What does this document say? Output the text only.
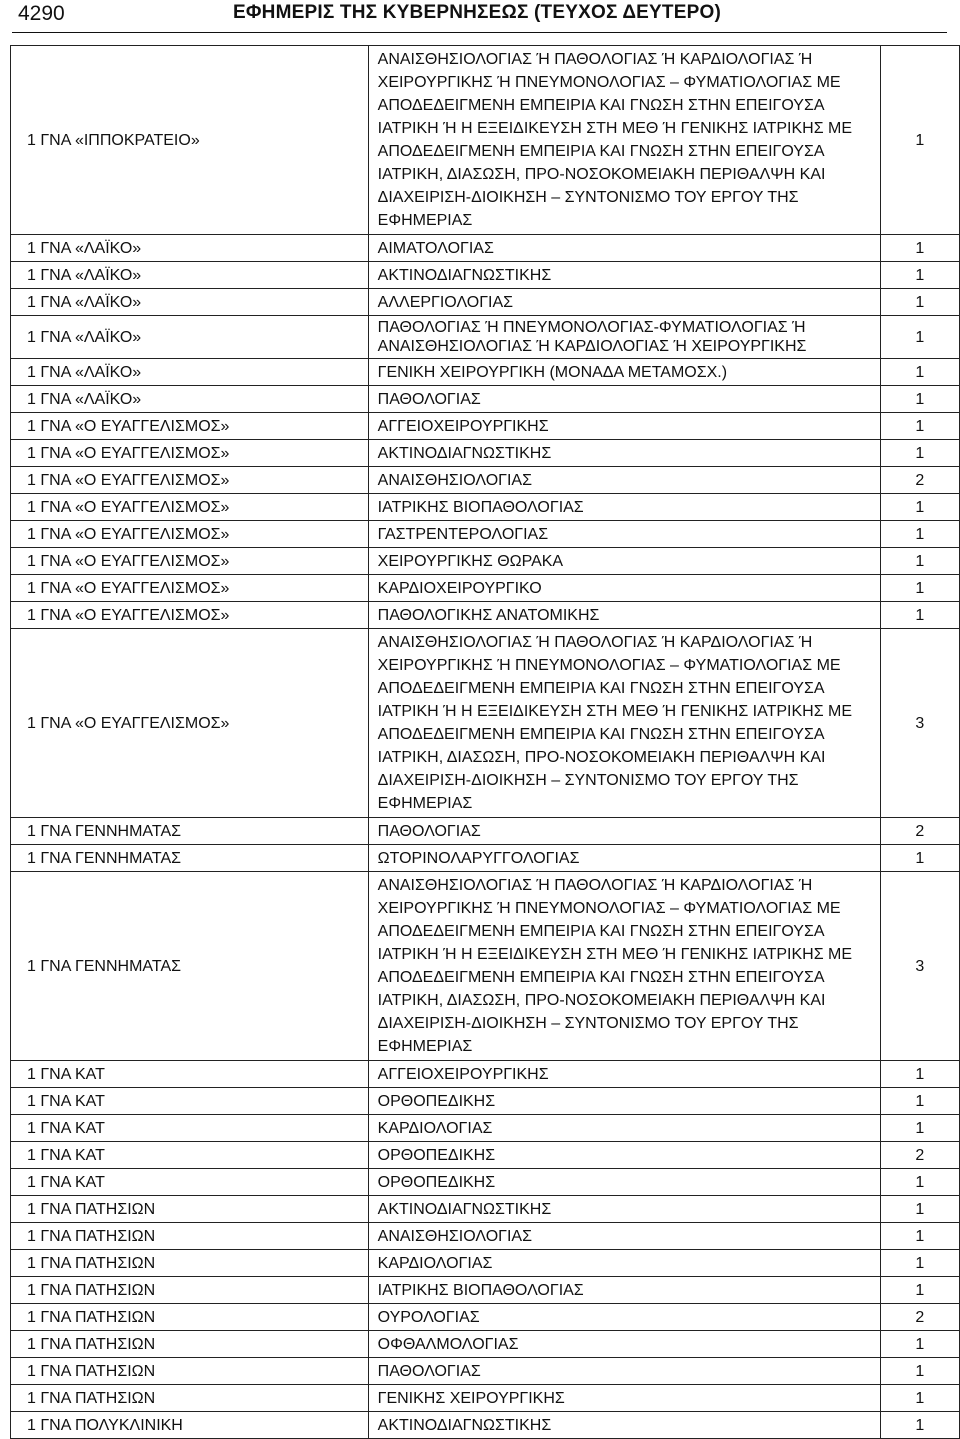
4290	ΕΦΗΜΕΡΙΣ ΤΗΣ ΚΥΒΕΡΝΗΣΕΩΣ (ΤΕΥΧΟΣ ΔΕΥΤΕΡΟ)
1 ΓΝΑ «ΙΠΠΟΚΡΑΤΕΙΟ»	ΑΝΑΙΣΘΗΣΙΟΛΟΓΙΑΣ Ή ΠΑΘΟΛΟΓΙΑΣ Ή ΚΑΡΔΙΟΛΟΓΙΑΣ Ή ΧΕΙΡΟΥΡΓΙΚΗΣ Ή ΠΝΕΥΜΟΝΟΛΟΓΙΑΣ – ΦΥΜΑΤΙΟΛΟΓΙΑΣ ΜΕ ΑΠΟΔΕΔΕΙΓΜΕΝΗ ΕΜΠΕΙΡΙΑ ΚΑΙ ΓΝΩΣΗ ΣΤΗΝ ΕΠΕΙΓΟΥΣΑ ΙΑΤΡΙΚΗ Ή Η ΕΞΕΙΔΙΚΕΥΣΗ ΣΤΗ ΜΕΘ Ή ΓΕΝΙΚΗΣ ΙΑΤΡΙΚΗΣ ΜΕ ΑΠΟΔΕΔΕΙΓΜΕΝΗ ΕΜΠΕΙΡΙΑ ΚΑΙ ΓΝΩΣΗ ΣΤΗΝ ΕΠΕΙΓΟΥΣΑ ΙΑΤΡΙΚΗ, ΔΙΑΣΩΣΗ, ΠΡΟ-ΝΟΣΟΚΟΜΕΙΑΚΗ ΠΕΡΙΘΑΛΨΗ ΚΑΙ ΔΙΑΧΕΙΡΙΣΗ-ΔΙΟΙΚΗΣΗ – ΣΥΝΤΟΝΙΣΜΟ ΤΟΥ ΕΡΓΟΥ ΤΗΣ ΕΦΗΜΕΡΙΑΣ	1
1 ΓΝΑ «ΛΑΪΚΟ»	ΑΙΜΑΤΟΛΟΓΙΑΣ	1
1 ΓΝΑ «ΛΑΪΚΟ»	ΑΚΤΙΝΟΔΙΑΓΝΩΣΤΙΚΗΣ	1
1 ΓΝΑ «ΛΑΪΚΟ»	ΑΛΛΕΡΓΙΟΛΟΓΙΑΣ	1
1 ΓΝΑ «ΛΑΪΚΟ»	ΠΑΘΟΛΟΓΙΑΣ Ή ΠΝΕΥΜΟΝΟΛΟΓΙΑΣ-ΦΥΜΑΤΙΟΛΟΓΙΑΣ Ή ΑΝΑΙΣΘΗΣΙΟΛΟΓΙΑΣ Ή ΚΑΡΔΙΟΛΟΓΙΑΣ Ή ΧΕΙΡΟΥΡΓΙΚΗΣ	1
1 ΓΝΑ «ΛΑΪΚΟ»	ΓΕΝΙΚΗ ΧΕΙΡΟΥΡΓΙΚΗ (ΜΟΝΑΔΑ ΜΕΤΑΜΟΣΧ.)	1
1 ΓΝΑ «ΛΑΪΚΟ»	ΠΑΘΟΛΟΓΙΑΣ	1
1 ΓΝΑ «Ο ΕΥΑΓΓΕΛΙΣΜΟΣ»	ΑΓΓΕΙΟΧΕΙΡΟΥΡΓΙΚΗΣ	1
1 ΓΝΑ «Ο ΕΥΑΓΓΕΛΙΣΜΟΣ»	ΑΚΤΙΝΟΔΙΑΓΝΩΣΤΙΚΗΣ	1
1 ΓΝΑ «Ο ΕΥΑΓΓΕΛΙΣΜΟΣ»	ΑΝΑΙΣΘΗΣΙΟΛΟΓΙΑΣ	2
1 ΓΝΑ «Ο ΕΥΑΓΓΕΛΙΣΜΟΣ»	ΙΑΤΡΙΚΗΣ ΒΙΟΠΑΘΟΛΟΓΙΑΣ	1
1 ΓΝΑ «Ο ΕΥΑΓΓΕΛΙΣΜΟΣ»	ΓΑΣΤΡΕΝΤΕΡΟΛΟΓΙΑΣ	1
1 ΓΝΑ «Ο ΕΥΑΓΓΕΛΙΣΜΟΣ»	ΧΕΙΡΟΥΡΓΙΚΗΣ ΘΩΡΑΚΑ	1
1 ΓΝΑ «Ο ΕΥΑΓΓΕΛΙΣΜΟΣ»	ΚΑΡΔΙΟΧΕΙΡΟΥΡΓΙΚΟ	1
1 ΓΝΑ «Ο ΕΥΑΓΓΕΛΙΣΜΟΣ»	ΠΑΘΟΛΟΓΙΚΗΣ ΑΝΑΤΟΜΙΚΗΣ	1
1 ΓΝΑ «Ο ΕΥΑΓΓΕΛΙΣΜΟΣ»	ΑΝΑΙΣΘΗΣΙΟΛΟΓΙΑΣ Ή ΠΑΘΟΛΟΓΙΑΣ Ή ΚΑΡΔΙΟΛΟΓΙΑΣ Ή ΧΕΙΡΟΥΡΓΙΚΗΣ Ή ΠΝΕΥΜΟΝΟΛΟΓΙΑΣ – ΦΥΜΑΤΙΟΛΟΓΙΑΣ ΜΕ ΑΠΟΔΕΔΕΙΓΜΕΝΗ ΕΜΠΕΙΡΙΑ ΚΑΙ ΓΝΩΣΗ ΣΤΗΝ ΕΠΕΙΓΟΥΣΑ ΙΑΤΡΙΚΗ Ή Η ΕΞΕΙΔΙΚΕΥΣΗ ΣΤΗ ΜΕΘ Ή ΓΕΝΙΚΗΣ ΙΑΤΡΙΚΗΣ ΜΕ ΑΠΟΔΕΔΕΙΓΜΕΝΗ ΕΜΠΕΙΡΙΑ ΚΑΙ ΓΝΩΣΗ ΣΤΗΝ ΕΠΕΙΓΟΥΣΑ ΙΑΤΡΙΚΗ, ΔΙΑΣΩΣΗ, ΠΡΟ-ΝΟΣΟΚΟΜΕΙΑΚΗ ΠΕΡΙΘΑΛΨΗ ΚΑΙ ΔΙΑΧΕΙΡΙΣΗ-ΔΙΟΙΚΗΣΗ – ΣΥΝΤΟΝΙΣΜΟ ΤΟΥ ΕΡΓΟΥ ΤΗΣ ΕΦΗΜΕΡΙΑΣ	3
1 ΓΝΑ ΓΕΝΝΗΜΑΤΑΣ	ΠΑΘΟΛΟΓΙΑΣ	2
1 ΓΝΑ ΓΕΝΝΗΜΑΤΑΣ	ΩΤΟΡΙΝΟΛΑΡΥΓΓΟΛΟΓΙΑΣ	1
1 ΓΝΑ ΓΕΝΝΗΜΑΤΑΣ	ΑΝΑΙΣΘΗΣΙΟΛΟΓΙΑΣ Ή ΠΑΘΟΛΟΓΙΑΣ Ή ΚΑΡΔΙΟΛΟΓΙΑΣ Ή ΧΕΙΡΟΥΡΓΙΚΗΣ Ή ΠΝΕΥΜΟΝΟΛΟΓΙΑΣ – ΦΥΜΑΤΙΟΛΟΓΙΑΣ ΜΕ ΑΠΟΔΕΔΕΙΓΜΕΝΗ ΕΜΠΕΙΡΙΑ ΚΑΙ ΓΝΩΣΗ ΣΤΗΝ ΕΠΕΙΓΟΥΣΑ ΙΑΤΡΙΚΗ Ή Η ΕΞΕΙΔΙΚΕΥΣΗ ΣΤΗ ΜΕΘ Ή ΓΕΝΙΚΗΣ ΙΑΤΡΙΚΗΣ ΜΕ ΑΠΟΔΕΔΕΙΓΜΕΝΗ ΕΜΠΕΙΡΙΑ ΚΑΙ ΓΝΩΣΗ ΣΤΗΝ ΕΠΕΙΓΟΥΣΑ ΙΑΤΡΙΚΗ, ΔΙΑΣΩΣΗ, ΠΡΟ-ΝΟΣΟΚΟΜΕΙΑΚΗ ΠΕΡΙΘΑΛΨΗ ΚΑΙ ΔΙΑΧΕΙΡΙΣΗ-ΔΙΟΙΚΗΣΗ – ΣΥΝΤΟΝΙΣΜΟ ΤΟΥ ΕΡΓΟΥ ΤΗΣ ΕΦΗΜΕΡΙΑΣ	3
1 ΓΝΑ ΚΑΤ	ΑΓΓΕΙΟΧΕΙΡΟΥΡΓΙΚΗΣ	1
1 ΓΝΑ ΚΑΤ	ΟΡΘΟΠΕΔΙΚΗΣ	1
1 ΓΝΑ ΚΑΤ	ΚΑΡΔΙΟΛΟΓΙΑΣ	1
1 ΓΝΑ ΚΑΤ	ΟΡΘΟΠΕΔΙΚΗΣ	2
1 ΓΝΑ ΚΑΤ	ΟΡΘΟΠΕΔΙΚΗΣ	1
1 ΓΝΑ ΠΑΤΗΣΙΩΝ	ΑΚΤΙΝΟΔΙΑΓΝΩΣΤΙΚΗΣ	1
1 ΓΝΑ ΠΑΤΗΣΙΩΝ	ΑΝΑΙΣΘΗΣΙΟΛΟΓΙΑΣ	1
1 ΓΝΑ ΠΑΤΗΣΙΩΝ	ΚΑΡΔΙΟΛΟΓΙΑΣ	1
1 ΓΝΑ ΠΑΤΗΣΙΩΝ	ΙΑΤΡΙΚΗΣ ΒΙΟΠΑΘΟΛΟΓΙΑΣ	1
1 ΓΝΑ ΠΑΤΗΣΙΩΝ	ΟΥΡΟΛΟΓΙΑΣ	2
1 ΓΝΑ ΠΑΤΗΣΙΩΝ	ΟΦΘΑΛΜΟΛΟΓΙΑΣ	1
1 ΓΝΑ ΠΑΤΗΣΙΩΝ	ΠΑΘΟΛΟΓΙΑΣ	1
1 ΓΝΑ ΠΑΤΗΣΙΩΝ	ΓΕΝΙΚΗΣ ΧΕΙΡΟΥΡΓΙΚΗΣ	1
1 ΓΝΑ ΠΟΛΥΚΛΙΝΙΚΗ	ΑΚΤΙΝΟΔΙΑΓΝΩΣΤΙΚΗΣ	1
